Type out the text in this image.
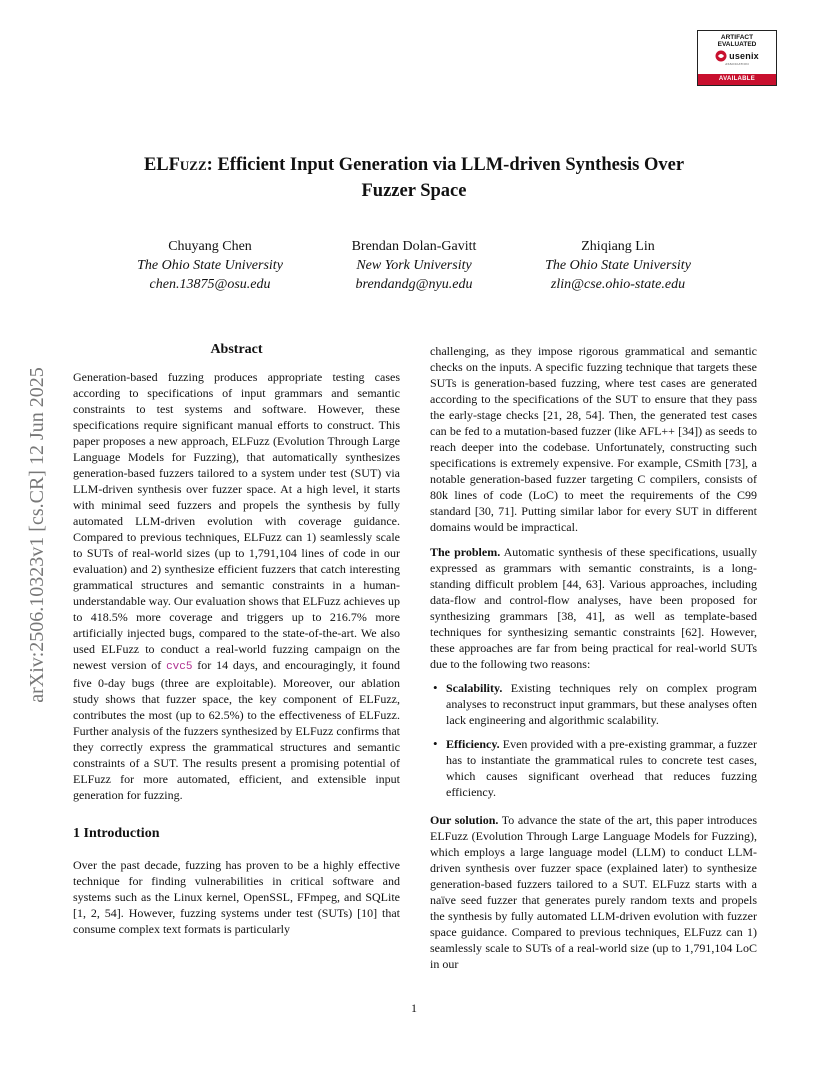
ARTIFACT
EVALUATED
usenix
ASSOCIATION
AVAILABLE
arXiv:2506.10323v1 [cs.CR] 12 Jun 2025
ELFuzz: Efficient Input Generation via LLM-driven Synthesis Over
Fuzzer Space
Chuyang Chen
The Ohio State University
chen.13875@osu.edu
Brendan Dolan-Gavitt
New York University
brendandg@nyu.edu
Zhiqiang Lin
The Ohio State University
zlin@cse.ohio-state.edu
Abstract

Generation-based fuzzing produces appropriate testing cases according to specifications of input grammars and semantic constraints to test systems and software. However, these specifications require significant manual efforts to construct. This paper proposes a new approach, ELFuzz (Evolution Through Large Language Models for Fuzzing), that automatically synthesizes generation-based fuzzers tailored to a system under test (SUT) via LLM-driven synthesis over fuzzer space. At a high level, it starts with minimal seed fuzzers and propels the synthesis by fully automated LLM-driven evolution with coverage guidance. Compared to previous techniques, ELFuzz can 1) seamlessly scale to SUTs of real-world sizes (up to 1,791,104 lines of code in our evaluation) and 2) synthesize efficient fuzzers that catch interesting grammatical structures and semantic constraints in a human-understandable way. Our evaluation shows that ELFuzz achieves up to 418.5% more coverage and triggers up to 216.7% more artificially injected bugs, compared to the state-of-the-art. We also used ELFuzz to conduct a real-world fuzzing campaign on the newest version of cvc5 for 14 days, and encouragingly, it found five 0-day bugs (three are exploitable). Moreover, our ablation study shows that fuzzer space, the key component of ELFuzz, contributes the most (up to 62.5%) to the effectiveness of ELFuzz. Further analysis of the fuzzers synthesized by ELFuzz confirms that they correctly express the grammatical structures and semantic constraints of a SUT. The results present a promising potential of ELFuzz for more automated, efficient, and extensible input generation for fuzzing.

1 Introduction

Over the past decade, fuzzing has proven to be a highly effective technique for finding vulnerabilities in critical software and systems such as the Linux kernel, OpenSSL, FFmpeg, and SQLite [1, 2, 54]. However, fuzzing systems under test (SUTs) [10] that consume complex text formats is particularly

challenging, as they impose rigorous grammatical and semantic checks on the inputs. A specific fuzzing technique that targets these SUTs is generation-based fuzzing, where test cases are generated according to the specifications of the SUT to ensure that they pass the early-stage checks [21, 28, 54]. Then, the generated test cases can be fed to a mutation-based fuzzer (like AFL++ [34]) as seeds to reach deeper into the codebase. Unfortunately, constructing such specifications is extremely expensive. For example, CSmith [73], a notable generation-based fuzzer targeting C compilers, consists of 80k lines of code (LoC) to meet the requirements of the C99 standard [30, 71]. Putting similar labor for every SUT in different domains would be impractical.

The problem. Automatic synthesis of these specifications, usually expressed as grammars with semantic constraints, is a long-standing difficult problem [44, 63]. Various approaches, including data-flow and control-flow analyses, have been proposed for synthesizing grammars [38, 41], as well as template-based techniques for synthesizing semantic constraints [62]. However, these approaches are far from being practical for real-world SUTs due to the following two reasons:

• Scalability. Existing techniques rely on complex program analyses to reconstruct input grammars, but these analyses often lack engineering and algorithmic scalability.
• Efficiency. Even provided with a pre-existing grammar, a fuzzer has to instantiate the grammatical rules to concrete test cases, which causes significant overhead that reduces fuzzing efficiency.

Our solution. To advance the state of the art, this paper introduces ELFuzz (Evolution Through Large Language Models for Fuzzing), which employs a large language model (LLM) to conduct LLM-driven synthesis over fuzzer space (explained later) to synthesize generation-based fuzzers tailored to a SUT. ELFuzz starts with a naïve seed fuzzer that generates purely random texts and propels the synthesis by fully automated LLM-driven evolution with fuzzer space guidance. Compared to previous techniques, ELFuzz can 1) seamlessly scale to SUTs of a real-world size (up to 1,791,104 LoC in our

1
